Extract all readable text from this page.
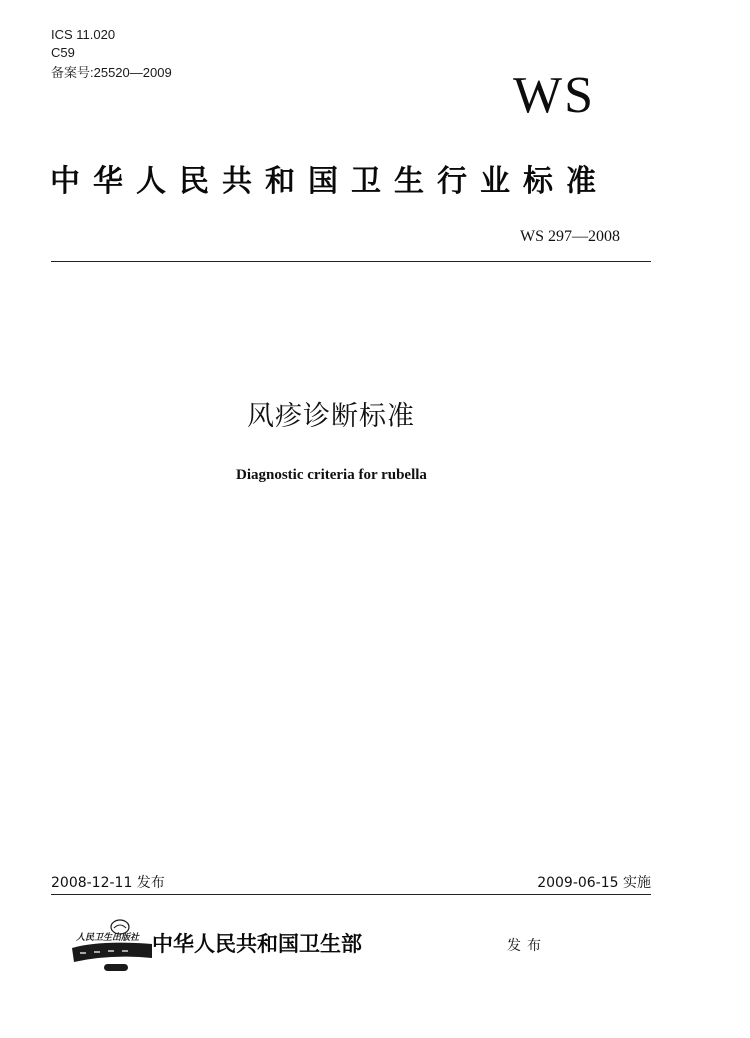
ICS 11.020
C59
备案号:25520—2009	WS
中华人民共和国卫生行业标准
WS 297—2008
风疹诊断标准
Diagnostic criteria for rubella
2008-12-11 发布	2009-06-15 实施
人民卫生出版社 中华人民共和国卫生部	发布
